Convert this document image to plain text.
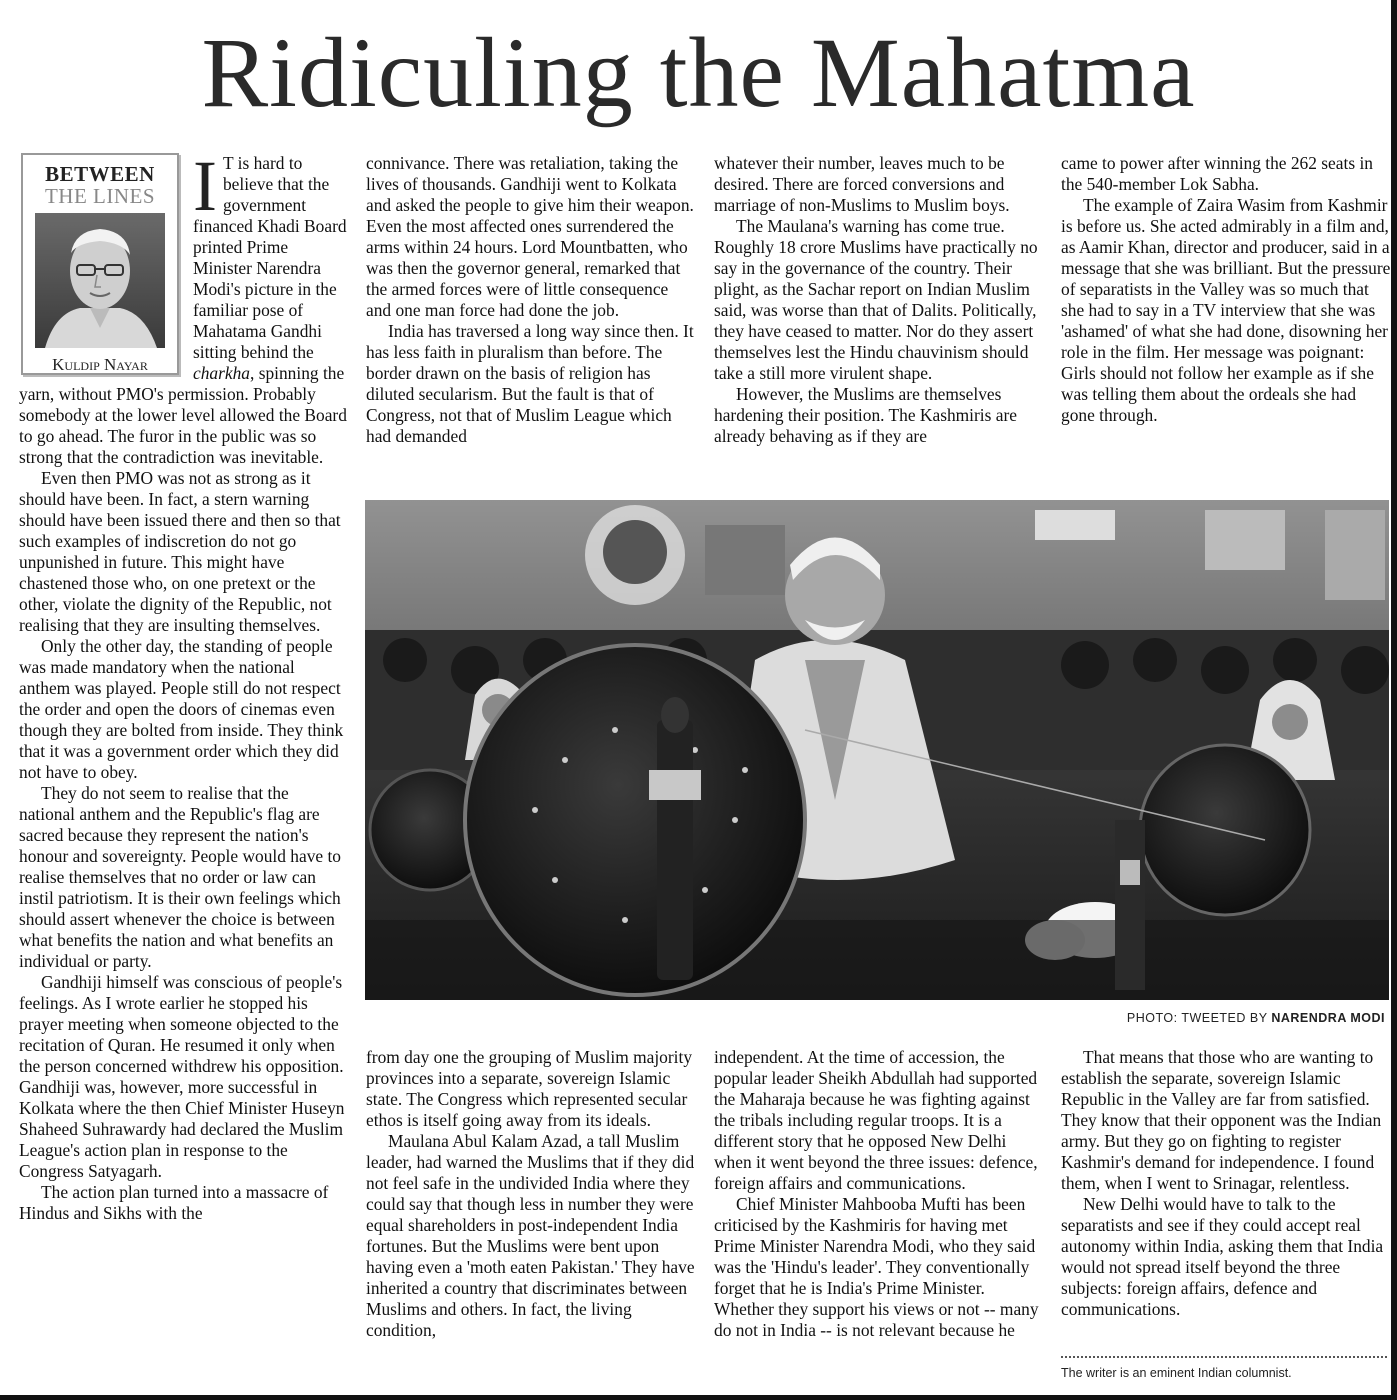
Ridiculing the Mahatma
BETWEEN
THE LINES
Kuldip Nayar
I T is hard to believe that the government financed Khadi Board printed Prime Minister Narendra Modi's picture in the familiar pose of Mahatama Gandhi sitting behind the charkha, spinning the yarn, without PMO's permission. Probably somebody at the lower level allowed the Board to go ahead. The furor in the public was so strong that the contradiction was inevitable.

Even then PMO was not as strong as it should have been. In fact, a stern warning should have been issued there and then so that such examples of indiscretion do not go unpunished in future. This might have chastened those who, on one pretext or the other, violate the dignity of the Republic, not realising that they are insulting themselves.

Only the other day, the standing of people was made mandatory when the national anthem was played. People still do not respect the order and open the doors of cinemas even though they are bolted from inside. They think that it was a government order which they did not have to obey.

They do not seem to realise that the national anthem and the Republic's flag are sacred because they represent the nation's honour and sovereignty. People would have to realise themselves that no order or law can instil patriotism. It is their own feelings which should assert whenever the choice is between what benefits the nation and what benefits an individual or party.

Gandhiji himself was conscious of people's feelings. As I wrote earlier he stopped his prayer meeting when someone objected to the recitation of Quran. He resumed it only when the person concerned withdrew his opposition. Gandhiji was, however, more successful in Kolkata where the then Chief Minister Huseyn Shaheed Suhrawardy had declared the Muslim League's action plan in response to the Congress Satyagarh.

The action plan turned into a massacre of Hindus and Sikhs with the

connivance. There was retaliation, taking the lives of thousands. Gandhiji went to Kolkata and asked the people to give him their weapon. Even the most affected ones surrendered the arms within 24 hours. Lord Mountbatten, who was then the governor general, remarked that the armed forces were of little consequence and one man force had done the job.

India has traversed a long way since then. It has less faith in pluralism than before. The border drawn on the basis of religion has diluted secularism. But the fault is that of Congress, not that of Muslim League which had demanded

whatever their number, leaves much to be desired. There are forced conversions and marriage of non-Muslims to Muslim boys.

The Maulana's warning has come true. Roughly 18 crore Muslims have practically no say in the governance of the country. Their plight, as the Sachar report on Indian Muslim said, was worse than that of Dalits. Politically, they have ceased to matter. Nor do they assert themselves lest the Hindu chauvinism should take a still more virulent shape.

However, the Muslims are themselves hardening their position. The Kashmiris are already behaving as if they are

came to power after winning the 262 seats in the 540-member Lok Sabha.

The example of Zaira Wasim from Kashmir is before us. She acted admirably in a film and, as Aamir Khan, director and producer, said in a message that she was brilliant. But the pressure of separatists in the Valley was so much that she had to say in a TV interview that she was 'ashamed' of what she had done, disowning her role in the film. Her message was poignant: Girls should not follow her example as if she was telling them about the ordeals she had gone through.

PHOTO: TWEETED BY NARENDRA MODI

from day one the grouping of Muslim majority provinces into a separate, sovereign Islamic state. The Congress which represented secular ethos is itself going away from its ideals.

Maulana Abul Kalam Azad, a tall Muslim leader, had warned the Muslims that if they did not feel safe in the undivided India where they could say that though less in number they were equal shareholders in post-independent India fortunes. But the Muslims were bent upon having even a 'moth eaten Pakistan.' They have inherited a country that discriminates between Muslims and others. In fact, the living condition,

independent. At the time of accession, the popular leader Sheikh Abdullah had supported the Maharaja because he was fighting against the tribals including regular troops. It is a different story that he opposed New Delhi when it went beyond the three issues: defence, foreign affairs and communications.

Chief Minister Mahbooba Mufti has been criticised by the Kashmiris for having met Prime Minister Narendra Modi, who they said was the 'Hindu's leader'. They conventionally forget that he is India's Prime Minister. Whether they support his views or not -- many do not in India -- is not relevant because he

That means that those who are wanting to establish the separate, sovereign Islamic Republic in the Valley are far from satisfied. They know that their opponent was the Indian army. But they go on fighting to register Kashmir's demand for independence. I found them, when I went to Srinagar, relentless.

New Delhi would have to talk to the separatists and see if they could accept real autonomy within India, asking them that India would not spread itself beyond the three subjects: foreign affairs, defence and communications.

The writer is an eminent Indian columnist.
